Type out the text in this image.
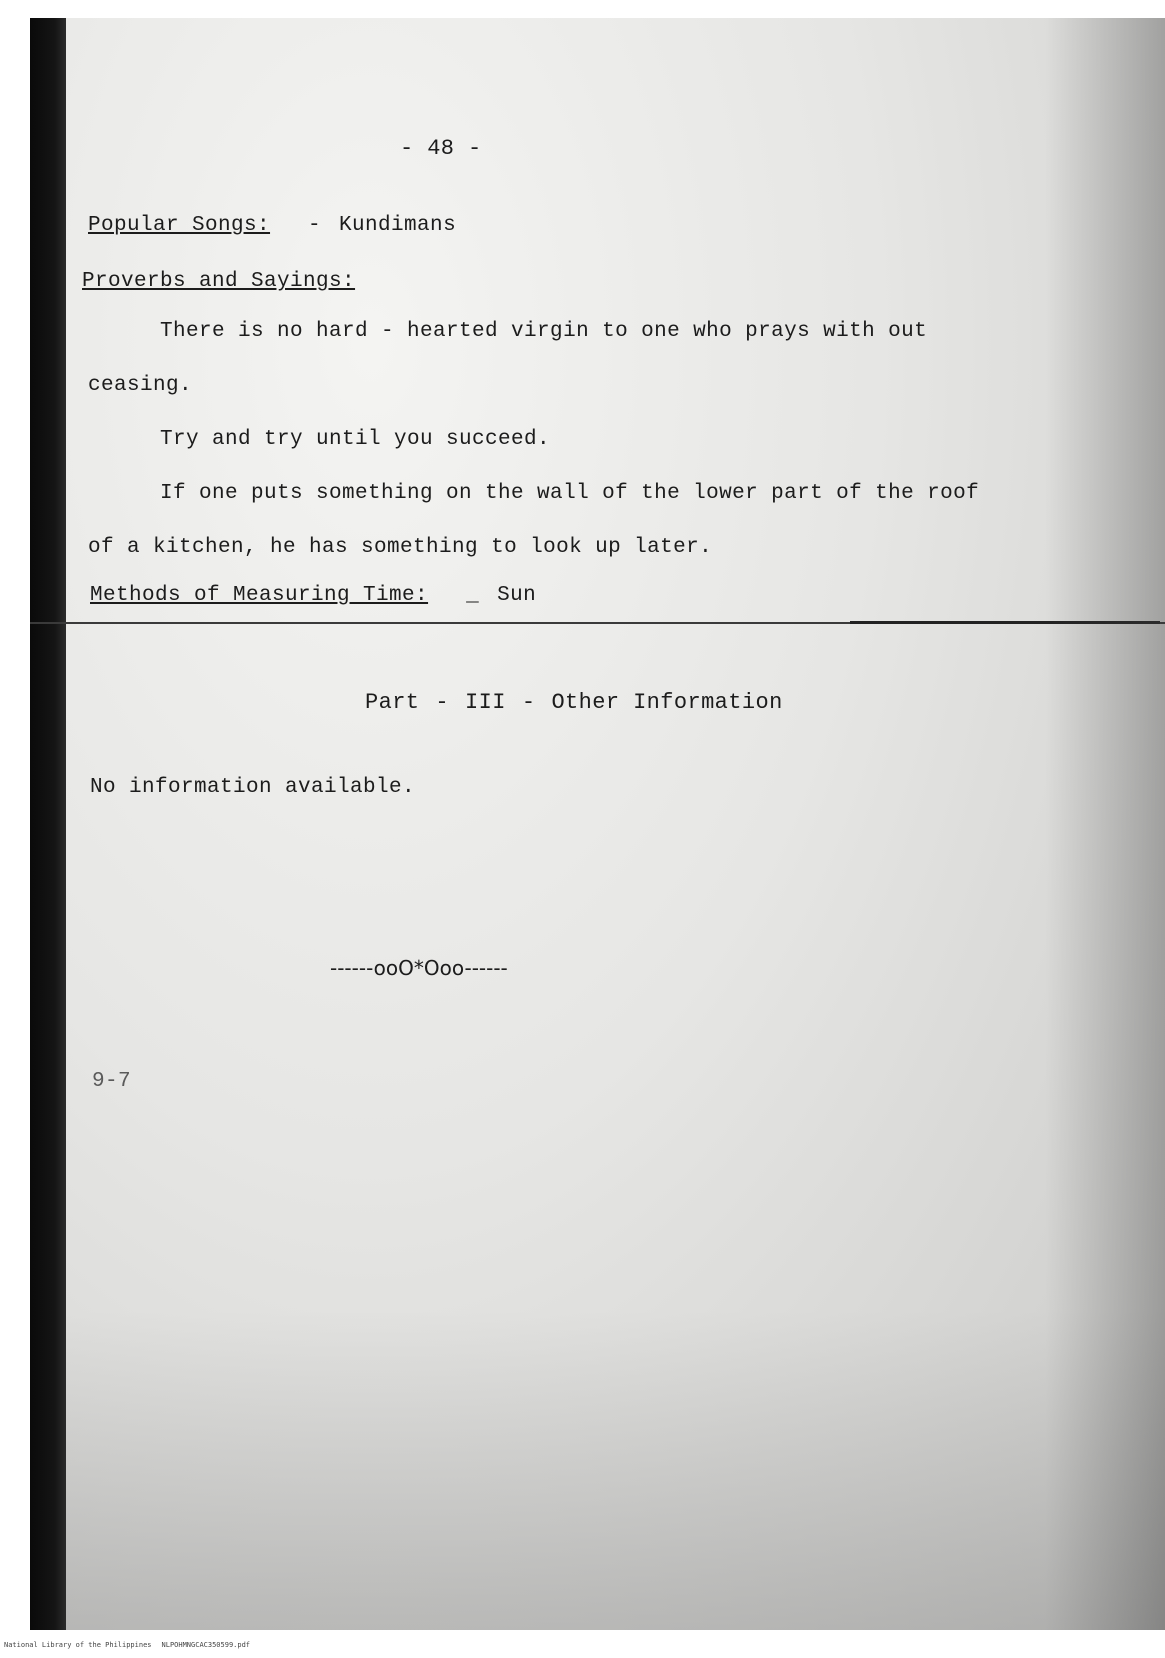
- 48 -
Popular Songs: - Kundimans
Proverbs and Sayings:
There is no hard - hearted virgin to one who prays with out
ceasing.
Try and try until you succeed.
If one puts something on the wall of the lower part of the roof
of a kitchen, he has something to look up later.
Methods of Measuring Time: _ Sun
Part - III - Other Information
No information available.
------ooO*Ooo------
9-7
National Library of the Philippines NLPOHMNGCAC350599.pdf
